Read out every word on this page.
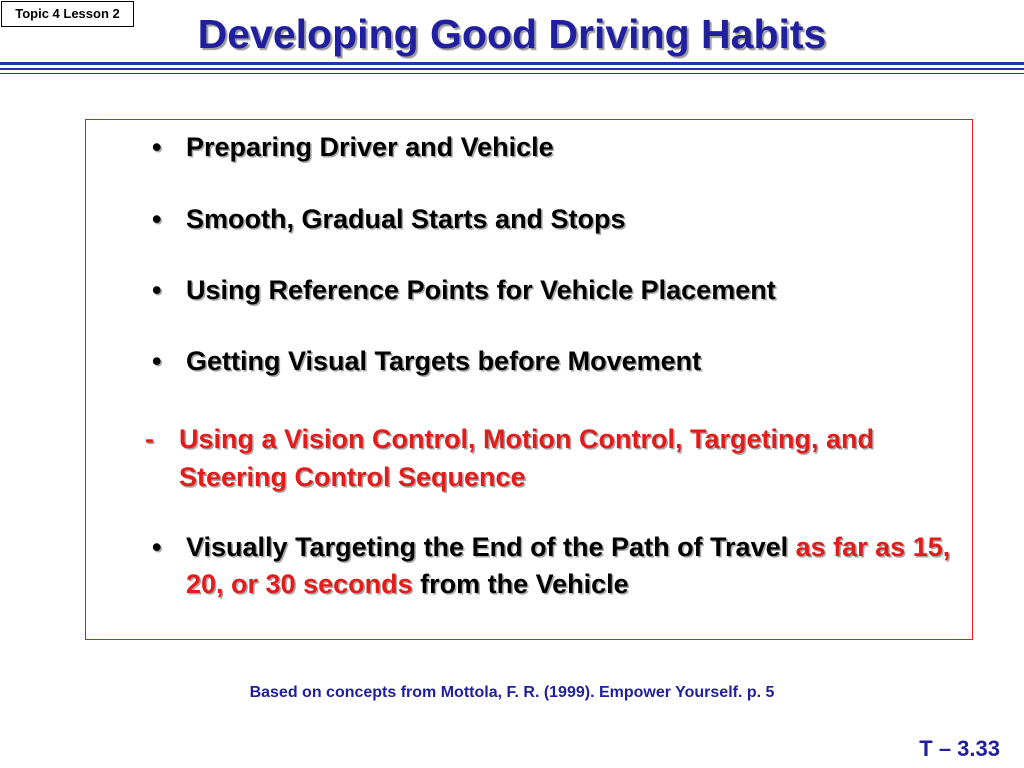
Topic 4 Lesson 2	Developing Good Driving Habits
• Preparing Driver and Vehicle
• Smooth, Gradual Starts and Stops
• Using Reference Points for Vehicle Placement
• Getting Visual Targets before Movement
• Visually Targeting the End of the Path of Travel as far as 15, 20, or 30 seconds from the Vehicle
- Using a Vision Control, Motion Control, Targeting, and Steering Control Sequence
Based on concepts from Mottola, F. R. (1999). Empower Yourself. p. 5
T – 3.33
